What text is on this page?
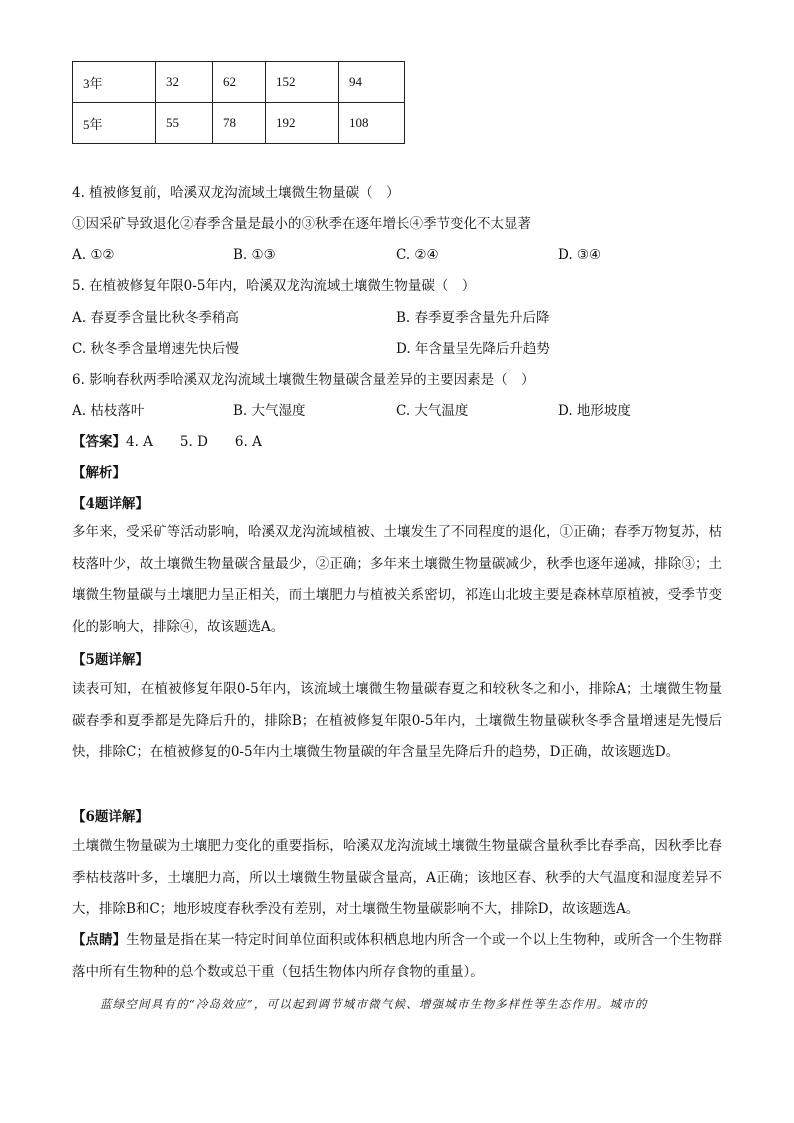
3年	32	62	152	94
5年	55	78	192	108
4. 植被修复前，哈溪双龙沟流域土壤微生物量碳（　）
①因采矿导致退化②春季含量是最小的③秋季在逐年增长④季节变化不太显著
A. ①②	B. ①③	C. ②④	D. ③④
5. 在植被修复年限0-5年内，哈溪双龙沟流域土壤微生物量碳（　）
A. 春夏季含量比秋冬季稍高	B. 春季夏季含量先升后降
C. 秋冬季含量增速先快后慢	D. 年含量呈先降后升趋势
6. 影响春秋两季哈溪双龙沟流域土壤微生物量碳含量差异的主要因素是（　）
A. 枯枝落叶	B. 大气湿度	C. 大气温度	D. 地形坡度
【答案】4. A　　5. D　　6. A
【解析】
【4题详解】
多年来，受采矿等活动影响，哈溪双龙沟流域植被、土壤发生了不同程度的退化，①正确；春季万物复苏，枯枝落叶少，故土壤微生物量碳含量最少，②正确；多年来土壤微生物量碳减少，秋季也逐年递减，排除③；土壤微生物量碳与土壤肥力呈正相关，而土壤肥力与植被关系密切，祁连山北坡主要是森林草原植被，受季节变化的影响大，排除④，故该题选A。
【5题详解】
读表可知，在植被修复年限0-5年内，该流域土壤微生物量碳春夏之和较秋冬之和小，排除A；土壤微生物量碳春季和夏季都是先降后升的，排除B；在植被修复年限0-5年内，土壤微生物量碳秋冬季含量增速是先慢后快，排除C；在植被修复的0-5年内土壤微生物量碳的年含量呈先降后升的趋势，D正确，故该题选D。
【6题详解】
土壤微生物量碳为土壤肥力变化的重要指标，哈溪双龙沟流域土壤微生物量碳含量秋季比春季高，因秋季比春季枯枝落叶多，土壤肥力高，所以土壤微生物量碳含量高，A正确；该地区春、秋季的大气温度和湿度差异不大，排除B和C；地形坡度春秋季没有差别，对土壤微生物量碳影响不大，排除D，故该题选A。
【点睛】生物量是指在某一特定时间单位面积或体积栖息地内所含一个或一个以上生物种，或所含一个生物群落中所有生物种的总个数或总干重（包括生物体内所存食物的重量）。
蓝绿空间具有的“冷岛效应”，可以起到调节城市微气候、增强城市生物多样性等生态作用。城市的
